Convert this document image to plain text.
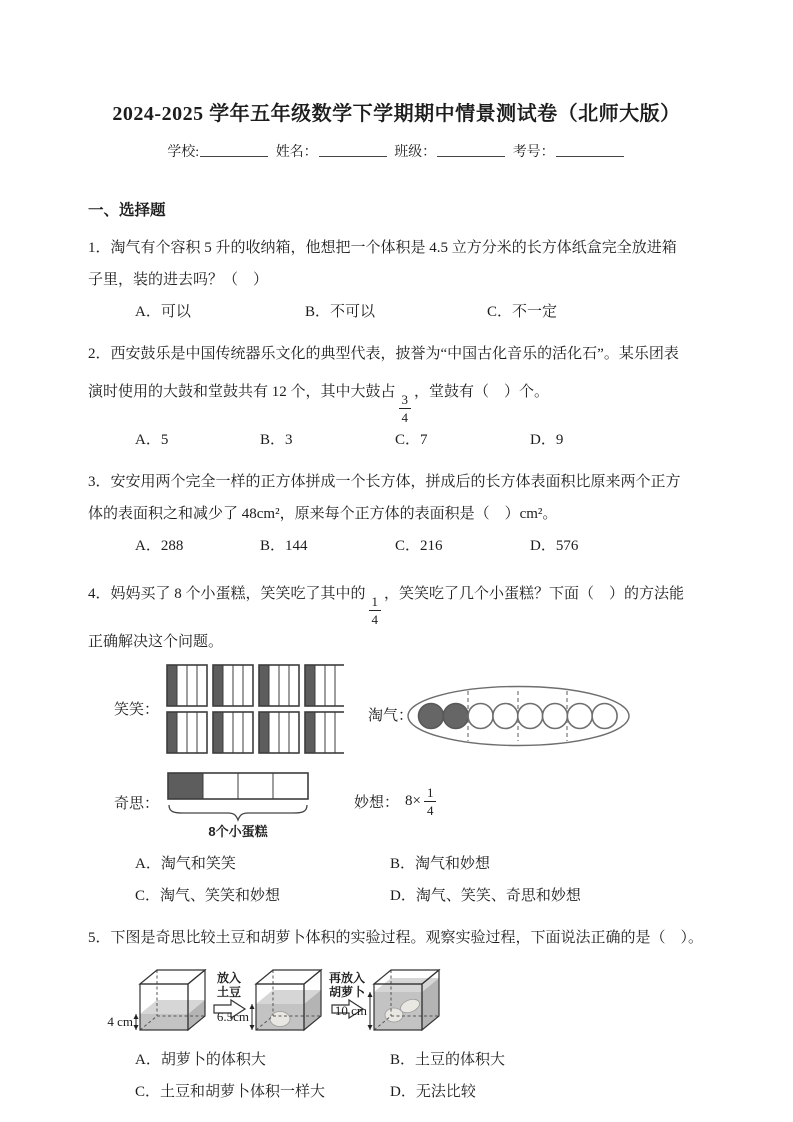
2024-2025 学年五年级数学下学期期中情景测试卷（北师大版）
学校:	姓名：	班级：	考号：
一、选择题
1．淘气有个容积 5 升的收纳箱，他想把一个体积是 4.5 立方分米的长方体纸盒完全放进箱
子里，装的进去吗？（　）
A．可以	B．不可以	C．不一定
2．西安鼓乐是中国传统器乐文化的典型代表，披誉为“中国古化音乐的活化石”。某乐团表
演时使用的大鼓和堂鼓共有 12 个，其中大鼓占
$\frac{3}{4}$
，堂鼓有（　）个。
A．5	B．3	C．7	D．9
3．安安用两个完全一样的正方体拼成一个长方体，拼成后的长方体表面积比原来两个正方
体的表面积之和减少了 48cm²，原来每个正方体的表面积是（　）cm²。
A．288	B．144	C．216	D．576
4．妈妈买了 8 个小蛋糕，笑笑吃了其中的
$\frac{1}{4}$
，笑笑吃了几个小蛋糕？下面（　）的方法能
正确解决这个问题。
笑笑：	淘气：
奇思：
8个小蛋糕
妙想： $8\times \frac{1}{4}$
A．淘气和笑笑	B．淘气和妙想
C．淘气、笑笑和妙想	D．淘气、笑笑、奇思和妙想
5．下图是奇思比较土豆和胡萝卜体积的实验过程。观察实验过程，下面说法正确的是（　）。
4 cm
放入
土豆
6.5cm
再放入
胡萝卜
10 cm
A．胡萝卜的体积大	B．土豆的体积大
C．土豆和胡萝卜体积一样大	D．无法比较
